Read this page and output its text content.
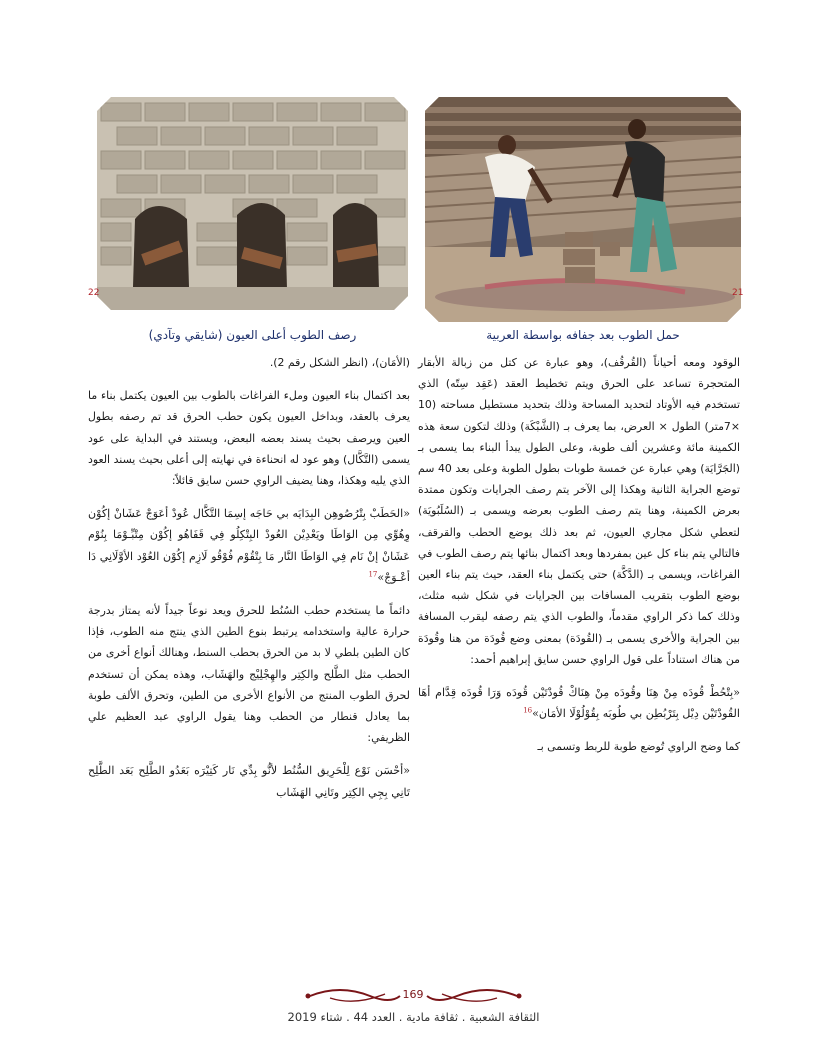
21
حمل الطوب بعد جفافه بواسطة العربية
22
رصف الطوب أعلى العيون (شايقي وتآدي)

الوقود ومعه أحياناً (القُرقُف)، وهو عبارة عن كتل من زبالة الأبقار المتحجرة تساعد على الحرق ويتم تخطيط العقد (عَقِد سِتّه) الذي تستخدم فيه الأوتاد لتحديد المساحة وذلك بتحديد مستطيل مساحته (10 ×7متر) الطول × العرض، بما يعرف بـ (الشَّبْكَة) وذلك لتكون سعة هذه الكمينة مائة وعشرين ألف طوبة، وعلى الطول يبدأ البناء بما يسمى بـ (الجَرَّايَة) وهي عبارة عن خمسة طوبات بطول الطوبة وعلى بعد 40 سم توضع الجراية الثانية وهكذا إلى الآخر يتم رصف الجرايات وتكون ممتدة بعرض الكمينة، وهنا يتم رصف الطوب بعرضه ويسمى بـ (السُلَبُويَة) لتعطي شكل مجاري العيون، ثم بعد ذلك يوضع الحطب والقرقف، فالتالي يتم بناء كل عين بمفردها وبعد اكتمال بنائها يتم رصف الطوب في الفراغات، ويسمى بـ (الدَّكَّة) حتى يكتمل بناء العقد، حيث يتم بناء العين بوضع الطوب بتقريب المسافات بين الجرايات في شكل شبه مثلث، وذلك كما ذكر الراوي مقدماً، والطوب الذي يتم رصفه ليقرب المسافة بين الجراية والأخرى يسمى بـ (القُودَة) بمعنى وضع قُودَة من هنا وقُودَة من هناك استناداً على قول الراوي حسن سايق إبراهيم أحمد:

«بِتْحُطْ قُودَه مِنْ هِنَا وقُودَه مِنْ هِنَاكْ قُودْتَيْن قُودَه وَرَا قُودَه قِدَّام أهَا القُودْتَيْن دِيْل بِتَرْبُطِن بي طُوبَه بِقُوْلُوْلَا الأمَان»$^{16}$

كما وضح الراوي تُوضع طوبة للربط وتسمى بـ

(الأمَان)، (انظر الشكل رقم 2).

بعد اكتمال بناء العيون وملء الفراغات بالطوب بين العيون يكتمل بناء ما يعرف بالعقد، وبداخل العيون يكون حطب الحرق قد تم رصفه بطول العين ويرصف بحيث يسند بعضه البعض، ويستند في البداية على عود يسمى (التَّكَّال) وهو عود له انحناءة في نهايته إلى أعلى بحيث يسند العود الذي يليه وهكذا، وهنا يضيف الراوي حسن سايق قائلاً:

«الحَطَبْ بِتْرُصُوهِن البِدَايَه بي حَاجَه إسِمَا التَّكَّال عُودْ أعَوَجْ عَشَانْ إكُوْن وِهُوِّي مِن الوَاطَا ويَعْدِيْن العُودْ البِتْكِلُو فِي قَفَاهُو إكُوْن مِتْبِّـوْمَا بِنُوْم عَشَانْ إنْ نَام فِي الوَاطَا النَّار مَا بِتْقُوْم فُوْقُو لَازِم إكُوْن العُوْد الأوَّلَانِي دَا أعْـوَجْ»$^{17}$

دائماً ما يستخدم حطب السُنُط للحرق ويعد نوعاً جيداً لأنه يمتاز بدرجة حرارة عالية واستخدامه يرتبط بنوع الطين الذي ينتج منه الطوب، فإذا كان الطين بلطي لا بد من الحرق بحطب السنط، وهنالك أنواع أخرى من الحطب مثل الطَّلح والكِتِر والهِجْلِيْج والهَشَاب، وهذه يمكن أن تستخدم لحرق الطوب المنتج من الأنواع الأخرى من الطين، وتحرق الألف طوبة بما يعادل قنطار من الحطب وهنا يقول الراوي عبد العظيم علي الظريفي:

«أحْسَن نَوْع لِلْحَرِيق السُّنُط لأنُّو بِدِّي نَار كَتِيْرَه بَعَدُو الطَّلِح بَعَد الطَّلِح تَانِي بِجِي الكِتِر وتَانِي الهَشَاب

169
الثقافة الشعبية . ثقافة مادية . العدد 44 . شتاء 2019
